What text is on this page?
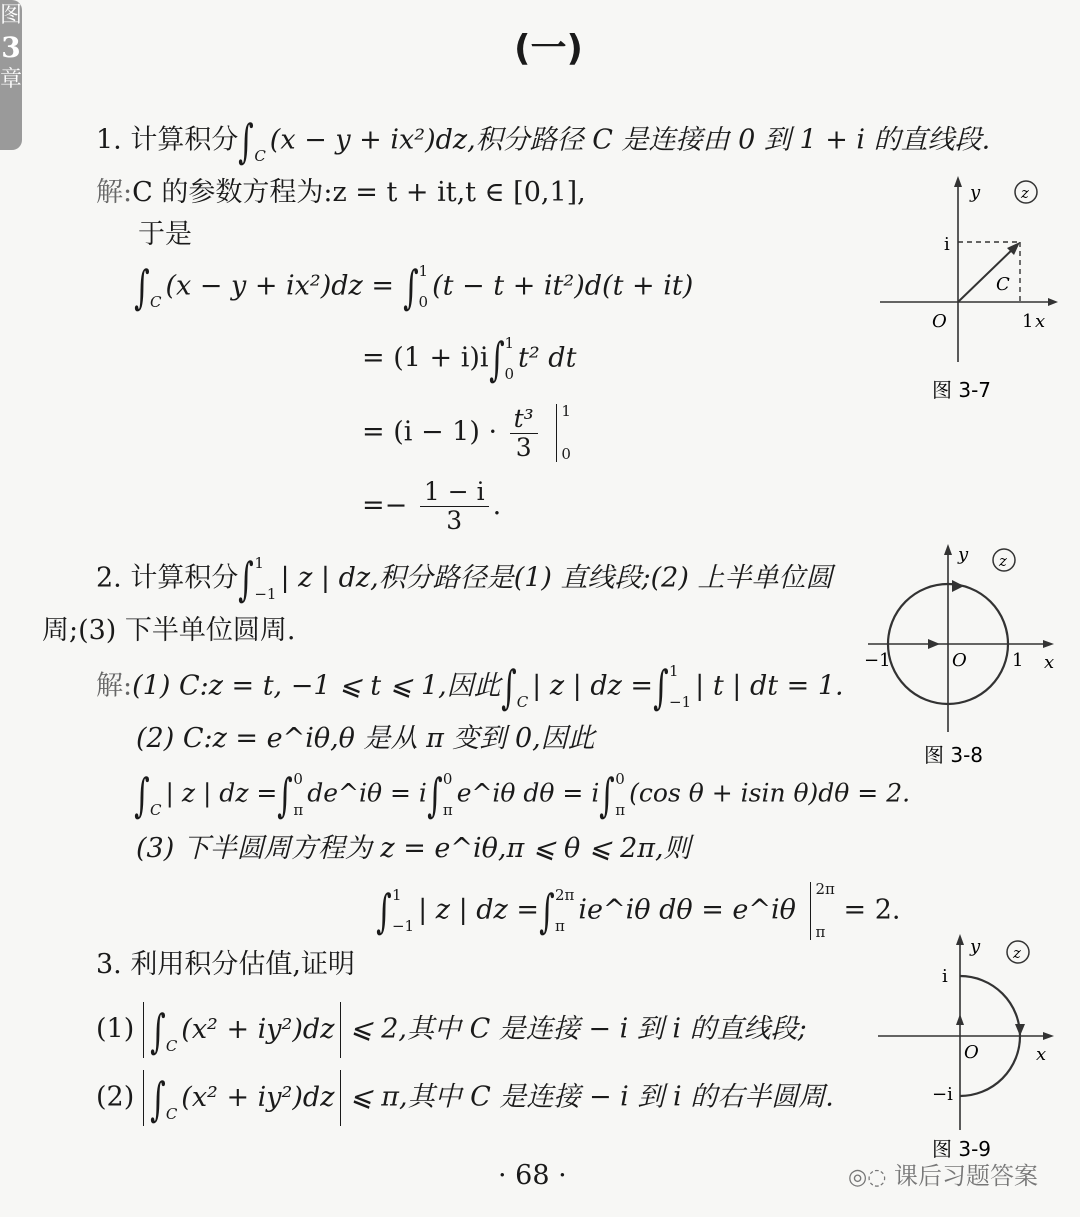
图
3
章
(一)
1. 计算积分∫ C
(x − y + ix²)dz,积分路径 C 是连接由 0 到 1 + i 的直线段.
解:C 的参数方程为:z = t + it,t ∈ [0,1],
于是
∫ C
(x − y + ix²)dz = ∫ 1
0
(t − t + it²)d(t + it)
= (1 + i)i∫ 1
0
t² dt
= $(i - 1) \cdot \frac{\text{t³}}{3}$
1
0
=− $\frac{1 - i}{3}$ .
z
y
x
O
i
1
C
图 3-7
2. 计算积分∫ 1
−1
| z | dz,积分路径是(1) 直线段;(2) 上半单位圆
周;(3) 下半单位圆周.
解:(1) C:z = t, −1 ⩽ t ⩽ 1,因此∫ C
| z | dz =∫ 1
−1
| t | dt = 1.
(2) C:z = e^iθ,θ 是从 π 变到 0,因此
∫ C
| z | dz =∫ 0
π
de^iθ = i∫ 0
π
e^iθ dθ = i∫ 0
π
(cos θ + isin θ)dθ = 2.
(3) 下半圆周方程为 z = e^iθ,π ⩽ θ ⩽ 2π,则
∫ 1
−1
| z | dz =∫ 2π
π
ie^iθ dθ = e^iθ
2π
π
= 2.
z
y
x
O
−1	1
图 3-8
3. 利用积分估值,证明
(1) ∫ C
(x² + iy²)dz ⩽ 2,其中 C 是连接 − i 到 i 的直线段;
(2) ∫ C
(x² + iy²)dz ⩽ π,其中 C 是连接 − i 到 i 的右半圆周.
z
y
x
O
i
−i
图 3-9
· 68 ·	◎◌ 课后习题答案
